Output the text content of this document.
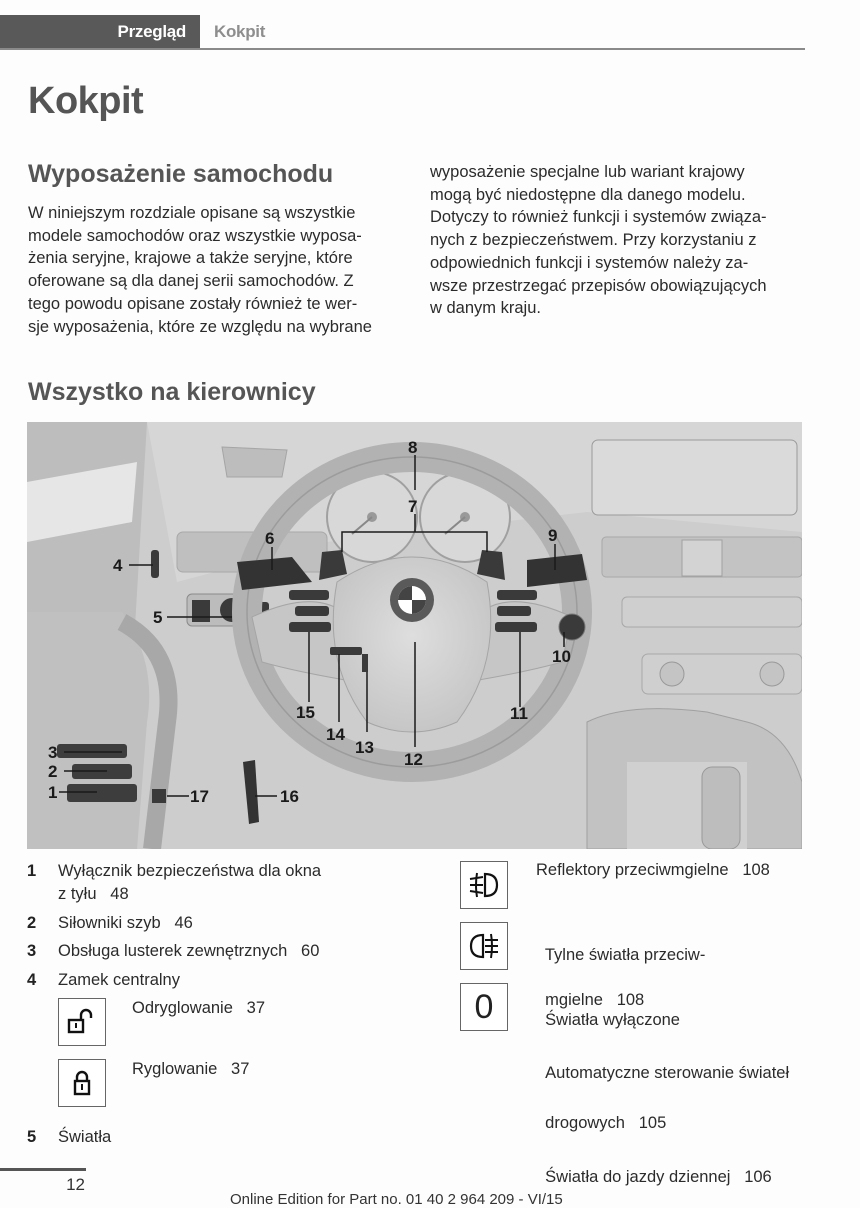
Przegląd	Kokpit
Kokpit
Wyposażenie samochodu

W niniejszym rozdziale opisane są wszystkie

modele samochodów oraz wszystkie wyposa-

żenia seryjne, krajowe a także seryjne, które

oferowane są dla danej serii samochodów. Z

tego powodu opisane zostały również te wer-

sje wyposażenia, które ze względu na wybrane

wyposażenie specjalne lub wariant krajowy

mogą być niedostępne dla danego modelu.

Dotyczy to również funkcji i systemów związa-

nych z bezpieczeństwem. Przy korzystaniu z

odpowiednich funkcji i systemów należy za-

wsze przestrzegać przepisów obowiązujących

w danym kraju.

Wszystko na kierownicy
8
7
6	9
4
5
10
11
12
13
14
15
3
2
1	17	16
1 Wyłącznik bezpieczeństwa dla okna
z tyłu   48
2 Siłowniki szyb   46
3 Obsługa lusterek zewnętrznych   60
4 Zamek centralny
Odryglowanie   37
Ryglowanie   37
5 Światła
Reflektory przeciwmgielne   108

Tylne światła przeciw-

mgielne   108

0	Światła wyłączone

Automatyczne sterowanie świateł

drogowych   105

Światła do jazdy dziennej   106

12
Online Edition for Part no. 01 40 2 964 209 - VI/15
